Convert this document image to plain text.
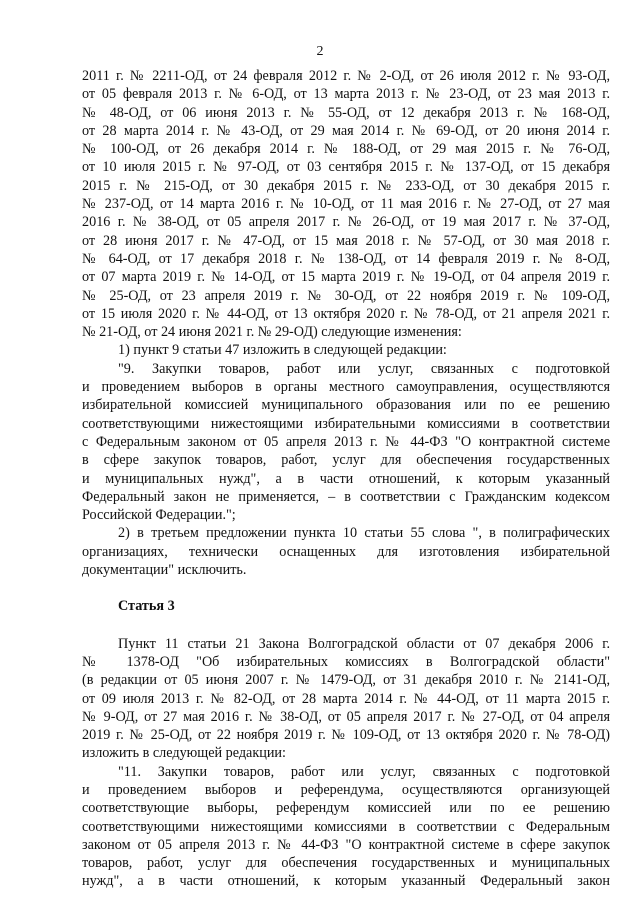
2
2011 г. № 2211-ОД, от 24 февраля 2012 г. № 2-ОД, от 26 июля 2012 г. № 93-ОД,
от 05 февраля 2013 г. № 6-ОД, от 13 марта 2013 г. № 23-ОД, от 23 мая 2013 г.
№ 48-ОД, от 06 июня 2013 г. № 55-ОД, от 12 декабря 2013 г. № 168-ОД,
от 28 марта 2014 г. № 43-ОД, от 29 мая 2014 г. № 69-ОД, от 20 июня 2014 г.
№ 100-ОД, от 26 декабря 2014 г. № 188-ОД, от 29 мая 2015 г. № 76-ОД,
от 10 июля 2015 г. № 97-ОД, от 03 сентября 2015 г. № 137-ОД, от 15 декабря
2015 г. № 215-ОД, от 30 декабря 2015 г. № 233-ОД, от 30 декабря 2015 г.
№ 237-ОД, от 14 марта 2016 г. № 10-ОД, от 11 мая 2016 г. № 27-ОД, от 27 мая
2016 г. № 38-ОД, от 05 апреля 2017 г. № 26-ОД, от 19 мая 2017 г. № 37-ОД,
от 28 июня 2017 г. № 47-ОД, от 15 мая 2018 г. № 57-ОД, от 30 мая 2018 г.
№ 64-ОД, от 17 декабря 2018 г. № 138-ОД, от 14 февраля 2019 г. № 8-ОД,
от 07 марта 2019 г. № 14-ОД, от 15 марта 2019 г. № 19-ОД, от 04 апреля 2019 г.
№ 25-ОД, от 23 апреля 2019 г. № 30-ОД, от 22 ноября 2019 г. № 109-ОД,
от 15 июля 2020 г. № 44-ОД, от 13 октября 2020 г. № 78-ОД, от 21 апреля 2021 г.
№ 21-ОД, от 24 июня 2021 г. № 29-ОД) следующие изменения:
1) пункт 9 статьи 47 изложить в следующей редакции:
"9. Закупки товаров, работ или услуг, связанных с подготовкой
и проведением выборов в органы местного самоуправления, осуществляются
избирательной комиссией муниципального образования или по ее решению
соответствующими нижестоящими избирательными комиссиями в соответствии
с Федеральным законом от 05 апреля 2013 г. № 44-ФЗ "О контрактной системе
в сфере закупок товаров, работ, услуг для обеспечения государственных
и муниципальных нужд", а в части отношений, к которым указанный
Федеральный закон не применяется, – в соответствии с Гражданским кодексом
Российской Федерации.";
2) в третьем предложении пункта 10 статьи 55 слова ", в полиграфических
организациях, технически оснащенных для изготовления избирательной
документации" исключить.
Статья 3
Пункт 11 статьи 21 Закона Волгоградской области от 07 декабря 2006 г.
№ 1378-ОД "Об избирательных комиссиях в Волгоградской области"
(в редакции от 05 июня 2007 г. № 1479-ОД, от 31 декабря 2010 г. № 2141-ОД,
от 09 июля 2013 г. № 82-ОД, от 28 марта 2014 г. № 44-ОД, от 11 марта 2015 г.
№ 9-ОД, от 27 мая 2016 г. № 38-ОД, от 05 апреля 2017 г. № 27-ОД, от 04 апреля
2019 г. № 25-ОД, от 22 ноября 2019 г. № 109-ОД, от 13 октября 2020 г. № 78-ОД)
изложить в следующей редакции:
"11. Закупки товаров, работ или услуг, связанных с подготовкой
и проведением выборов и референдума, осуществляются организующей
соответствующие выборы, референдум комиссией или по ее решению
соответствующими нижестоящими комиссиями в соответствии с Федеральным
законом от 05 апреля 2013 г. № 44-ФЗ "О контрактной системе в сфере закупок
товаров, работ, услуг для обеспечения государственных и муниципальных
нужд", а в части отношений, к которым указанный Федеральный закон
